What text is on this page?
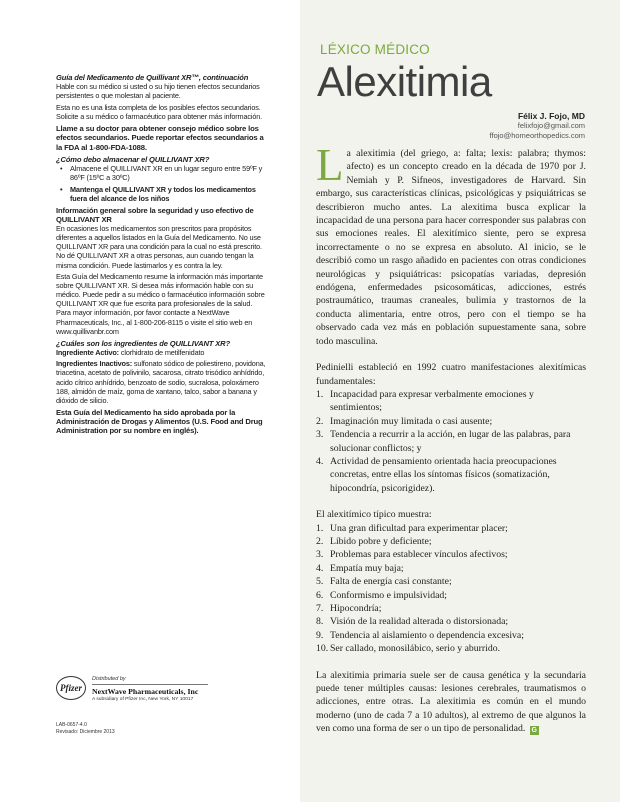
Guía del Medicamento de Quillivant XR™, continuación

Hable con su médico si usted o su hijo tienen efectos secundarios persistentes o que molestan al paciente.

Esta no es una lista completa de los posibles efectos secundarios. Solicite a su médico o farmacéutico para obtener más información.

Llame a su doctor para obtener consejo médico sobre los efectos secundarios. Puede reportar efectos secundarios a la FDA al 1-800-FDA-1088.
¿Cómo debo almacenar el QUILLIVANT XR?
• Almacene el QUILLIVANT XR en un lugar seguro entre 59ºF y 86ºF (15ºC a 30ºC)
• Mantenga el QUILLIVANT XR y todos los medicamentos fuera del alcance de los niños
Información general sobre la seguridad y uso efectivo de QUILLIVANT XR

En ocasiones los medicamentos son prescritos para propósitos diferentes a aquellos listados en la Guía del Medicamento. No use QUILLIVANT XR para una condición para la cual no está prescrito. No dé QUILLIVANT XR a otras personas, aun cuando tengan la misma condición. Puede lastimarlos y es contra la ley.

Esta Guía del Medicamento resume la información más importante sobre QUILLIVANT XR. Si desea más información hable con su médico. Puede pedir a su médico o farmacéutico información sobre QUILLIVANT XR que fue escrita para profesionales de la salud. Para mayor información, por favor contacte a NextWave Pharmaceuticals, Inc., al 1-800-206-8115 o visite el sitio web en www.quillivanbr.com

¿Cuáles son los ingredientes de QUILLIVANT XR?

Ingrediente Activo: clorhidrato de metilfenidato

Ingredientes Inactivos: sulfonato sódico de poliestireno, povidona, triacetina, acetato de polivinilo, sacarosa, citrato trisódico anhídrido, acido cítrico anhídrido, benzoato de sodio, sucralosa, poloxámero 188, almidón de maíz, goma de xantano, talco, sabor a banana y dióxido de silicio.

Esta Guía del Medicamento ha sido aprobada por la Administración de Drogas y Alimentos (U.S. Food and Drug Administration por su nombre en inglés).
Pfizer
Distributed by
NextWave Pharmaceuticals, Inc
A subsidiary of Pfizer Inc, New York, NY 10017
LAB-0657-4.0
Revisado: Diciembre 2013
LÉXICO MÉDICO
Alexitimia
Félix J. Fojo, MD
felixfojo@gmail.com
ffojo@homeorthopedics.com

La alexitimia (del griego, a: falta; lexis: palabra; thymos: afecto) es un concepto creado en la década de 1970 por J. Nemiah y P. Sifneos, investigadores de Harvard. Sin embargo, sus características clínicas, psicológicas y psiquiátricas se describieron mucho antes. La alexitima busca explicar la incapacidad de una persona para hacer corresponder sus palabras con sus emociones reales. El alexitímico siente, pero se expresa incorrectamente o no se expresa en absoluto. Al inicio, se le describió como un rasgo añadido en pacientes con otras condiciones neurológicas y psiquiátricas: psicopatías variadas, depresión endógena, enfermedades psicosomáticas, adicciones, estrés postraumático, traumas craneales, bulimia y trastornos de la conducta alimentaria, entre otros, pero con el tiempo se ha observado cada vez más en población supuestamente sana, sobre todo masculina.

Pedinielli estableció en 1992 cuatro manifestaciones alexitímicas fundamentales:

1. Incapacidad para expresar verbalmente emociones y sentimientos;
2. Imaginación muy limitada o casi ausente;
3. Tendencia a recurrir a la acción, en lugar de las palabras, para solucionar conflictos; y
4. Actividad de pensamiento orientada hacia preocupaciones concretas, entre ellas los síntomas físicos (somatización, hipocondría, psicorigidez).

El alexitímico típico muestra:

1. Una gran dificultad para experimentar placer;
2. Líbido pobre y deficiente;
3. Problemas para establecer vínculos afectivos;
4. Empatía muy baja;
5. Falta de energía casi constante;
6. Conformismo e impulsividad;
7. Hipocondría;
8. Visión de la realidad alterada o distorsionada;
9. Tendencia al aislamiento o dependencia excesiva;
10. Ser callado, monosilábico, serio y aburrido.

La alexitimia primaria suele ser de causa genética y la secundaria puede tener múltiples causas: lesiones cerebrales, traumatismos o adicciones, entre otras. La alexitimia es común en el mundo moderno (uno de cada 7 a 10 adultos), al extremo de que algunos la ven como una forma de ser o un tipo de personalidad. G
